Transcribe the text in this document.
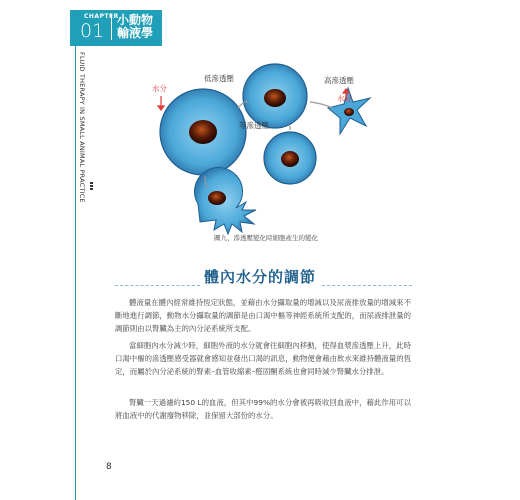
CHAPTER
01	小動物輸液學
FLUID THERAPY IN SMALL ANIMAL PRACTICE	低滲透壓
水分
等滲透壓
高滲透壓
水分
圖九、滲透壓變化時細胞產生的變化
體內水分的調節
體液量在體內經常維持恆定狀態，並藉由水分攝取量的增減以及尿液排放量的增減來不斷地進行調節，動物水分攝取量的調節是由口渴中樞等神經系統所支配的，而尿液排泄量的調節則由以腎臟為主的內分泌系統所支配。
當細胞內水分減少時，細胞外液的水分就會往細胞內移動，使得血漿滲透壓上升，此時口渴中樞的滲透壓感受器就會感知並發出口渴的訊息，動物便會藉由飲水來維持體液量的恆定，而屬於內分泌系統的腎素–血管收縮素–醛固酮系統也會同時減少腎臟水分排泄。
腎臟一天過濾約150 L的血液，但其中99%的水分會被再吸收回血液中，藉此作用可以將血液中的代謝廢物移除，並保留大部份的水分。
8
